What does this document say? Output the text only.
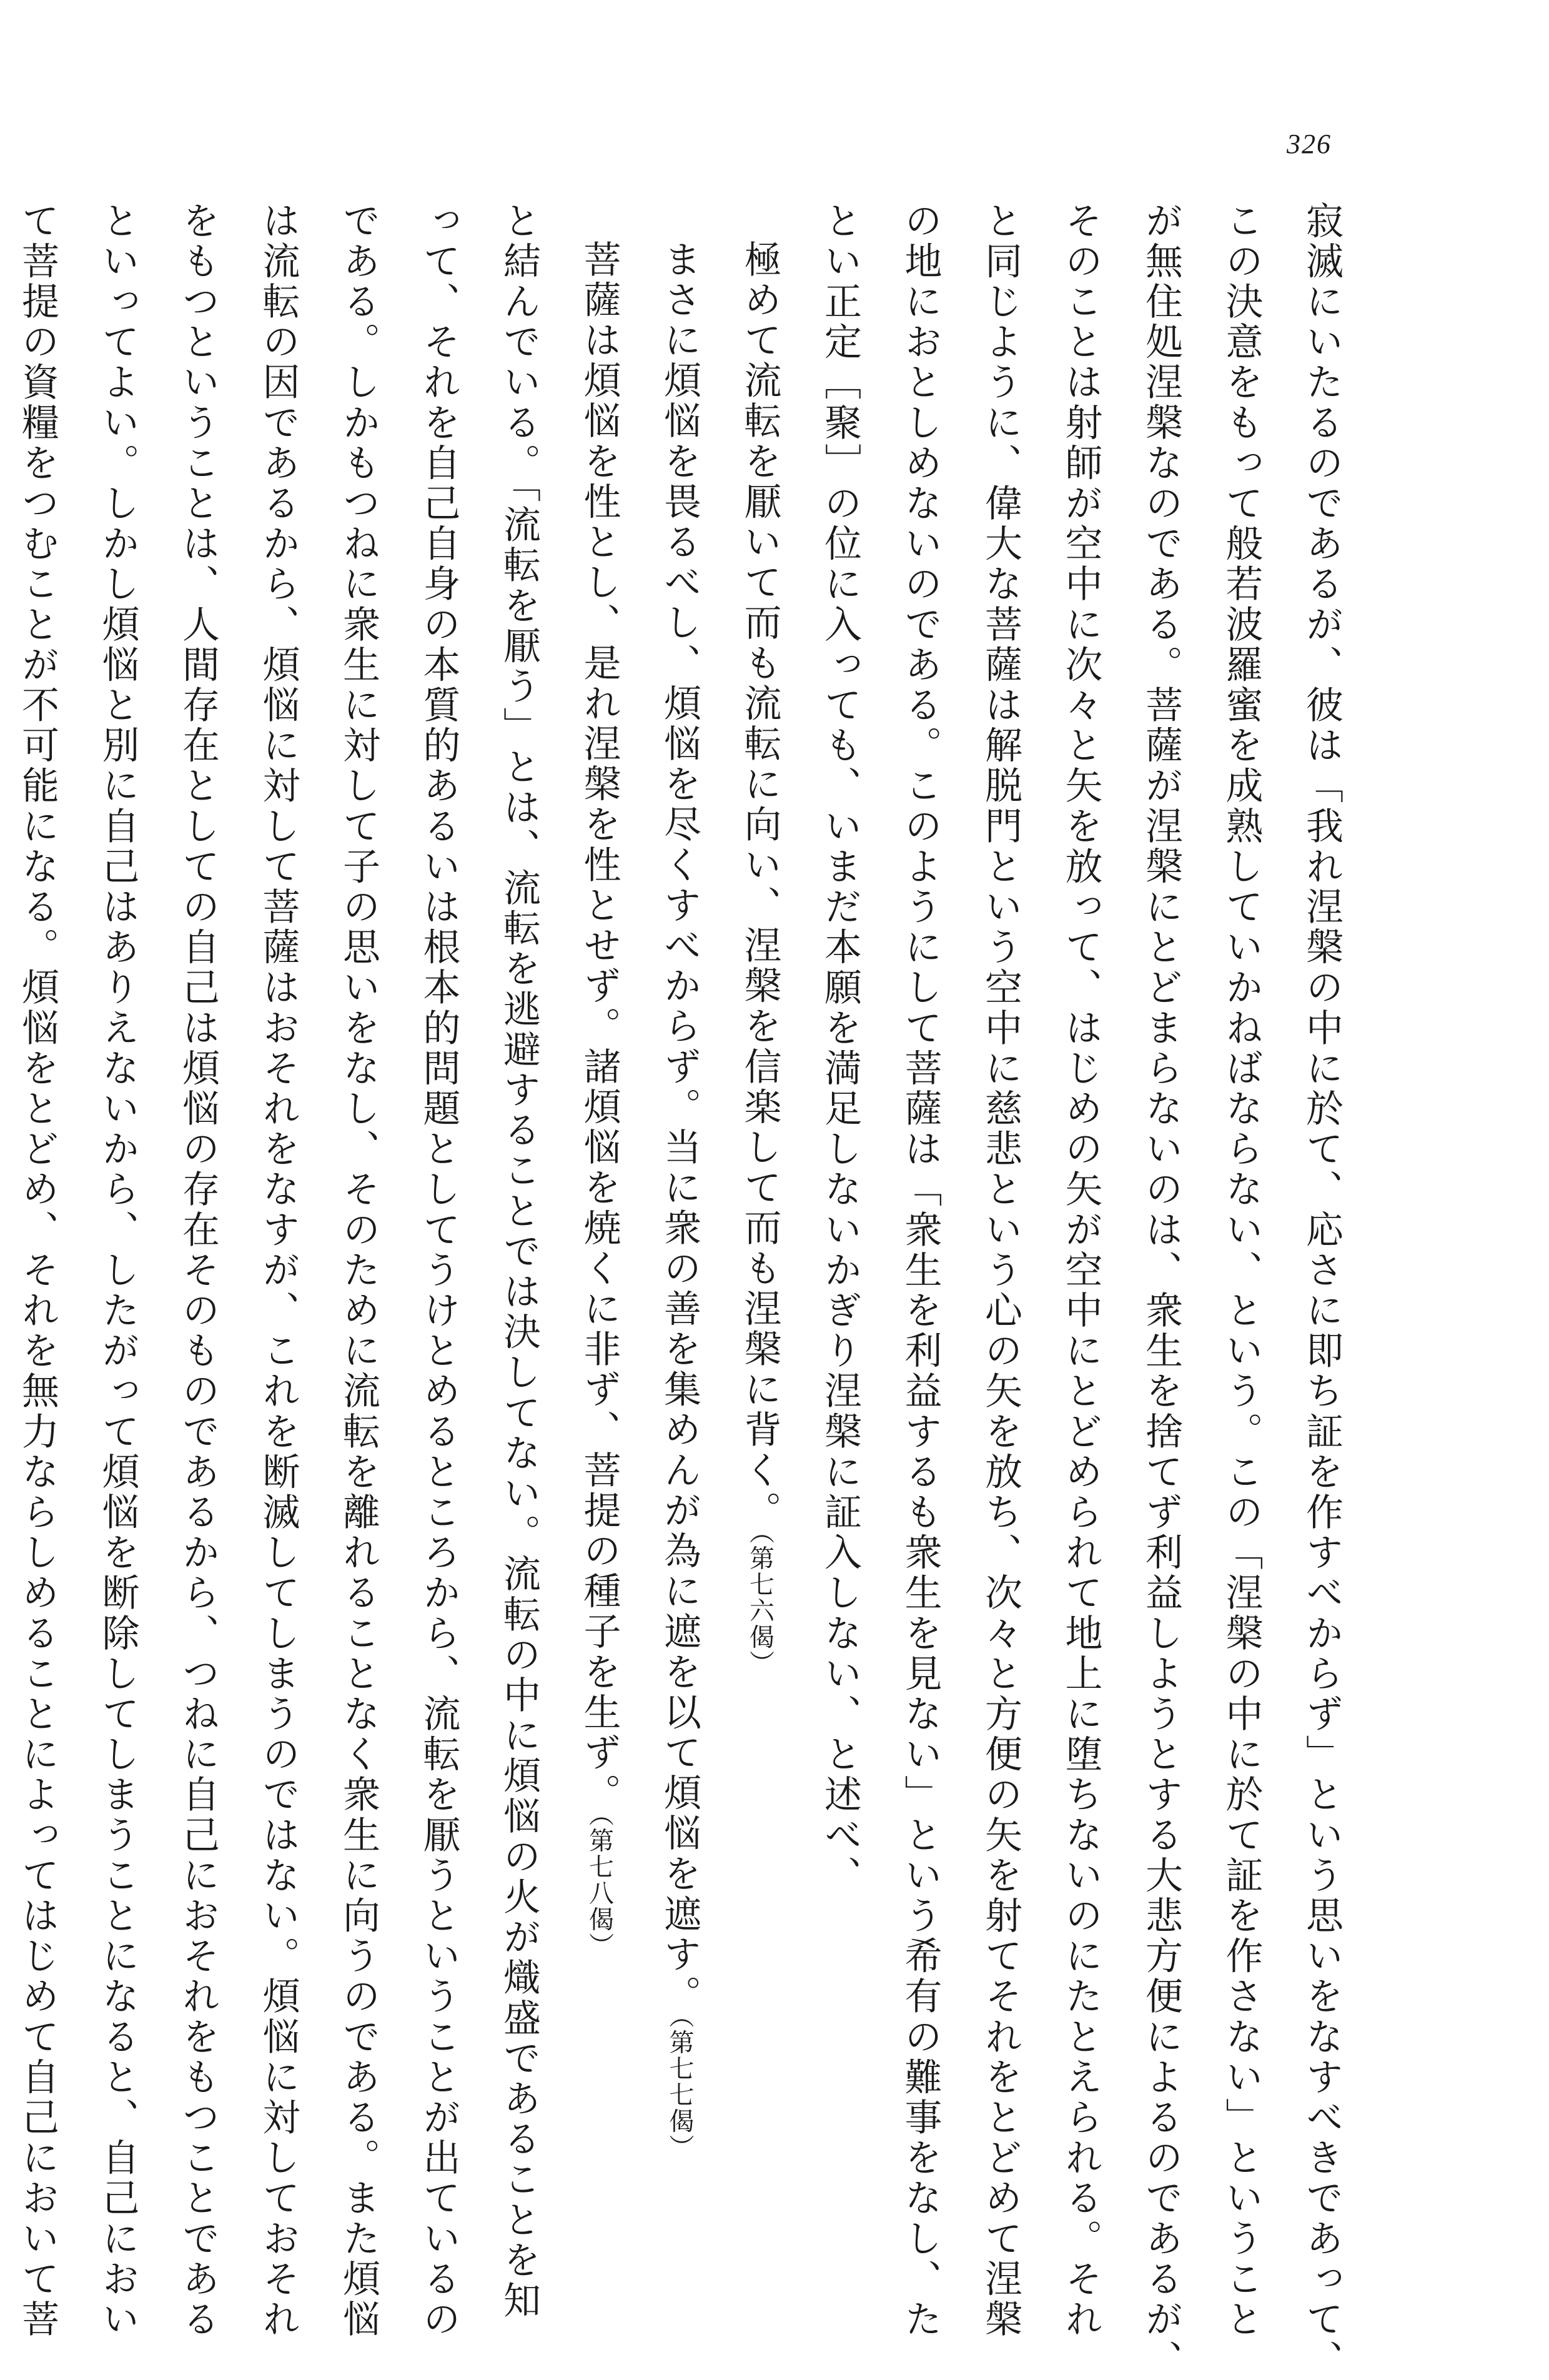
326

寂滅にいたるのであるが、彼は「我れ涅槃の中に於て、応さに即ち証を作すべからず」という思いをなすべきであって、

この決意をもって般若波羅蜜を成熟していかねばならない、という。この「涅槃の中に於て証を作さない」ということ

が無住処涅槃なのである。菩薩が涅槃にとどまらないのは、衆生を捨てず利益しようとする大悲方便によるのであるが、

そのことは射師が空中に次々と矢を放って、はじめの矢が空中にとどめられて地上に堕ちないのにたとえられる。それ

と同じように、偉大な菩薩は解脱門という空中に慈悲という心の矢を放ち、次々と方便の矢を射てそれをとどめて涅槃

の地におとしめないのである。このようにして菩薩は「衆生を利益するも衆生を見ない」という希有の難事をなし、た

とい正定［聚］の位に入っても、いまだ本願を満足しないかぎり涅槃に証入しない、と述べ、

極めて流転を厭いて而も流転に向い、涅槃を信楽して而も涅槃に背く。（第七六偈）

まさに煩悩を畏るべし、煩悩を尽くすべからず。当に衆の善を集めんが為に遮を以て煩悩を遮す。（第七七偈）

菩薩は煩悩を性とし、是れ涅槃を性とせず。諸煩悩を焼くに非ず、菩提の種子を生ず。（第七八偈）

と結んでいる。「流転を厭う」とは、流転を逃避することでは決してない。流転の中に煩悩の火が熾盛であることを知

って、それを自己自身の本質的あるいは根本的問題としてうけとめるところから、流転を厭うということが出ているの

である。しかもつねに衆生に対して子の思いをなし、そのために流転を離れることなく衆生に向うのである。また煩悩

は流転の因であるから、煩悩に対して菩薩はおそれをなすが、これを断滅してしまうのではない。煩悩に対しておそれ

をもつということは、人間存在としての自己は煩悩の存在そのものであるから、つねに自己におそれをもつことである

といってよい。しかし煩悩と別に自己はありえないから、したがって煩悩を断除してしまうことになると、自己におい

て菩提の資糧をつむことが不可能になる。煩悩をとどめ、それを無力ならしめることによってはじめて自己において菩
